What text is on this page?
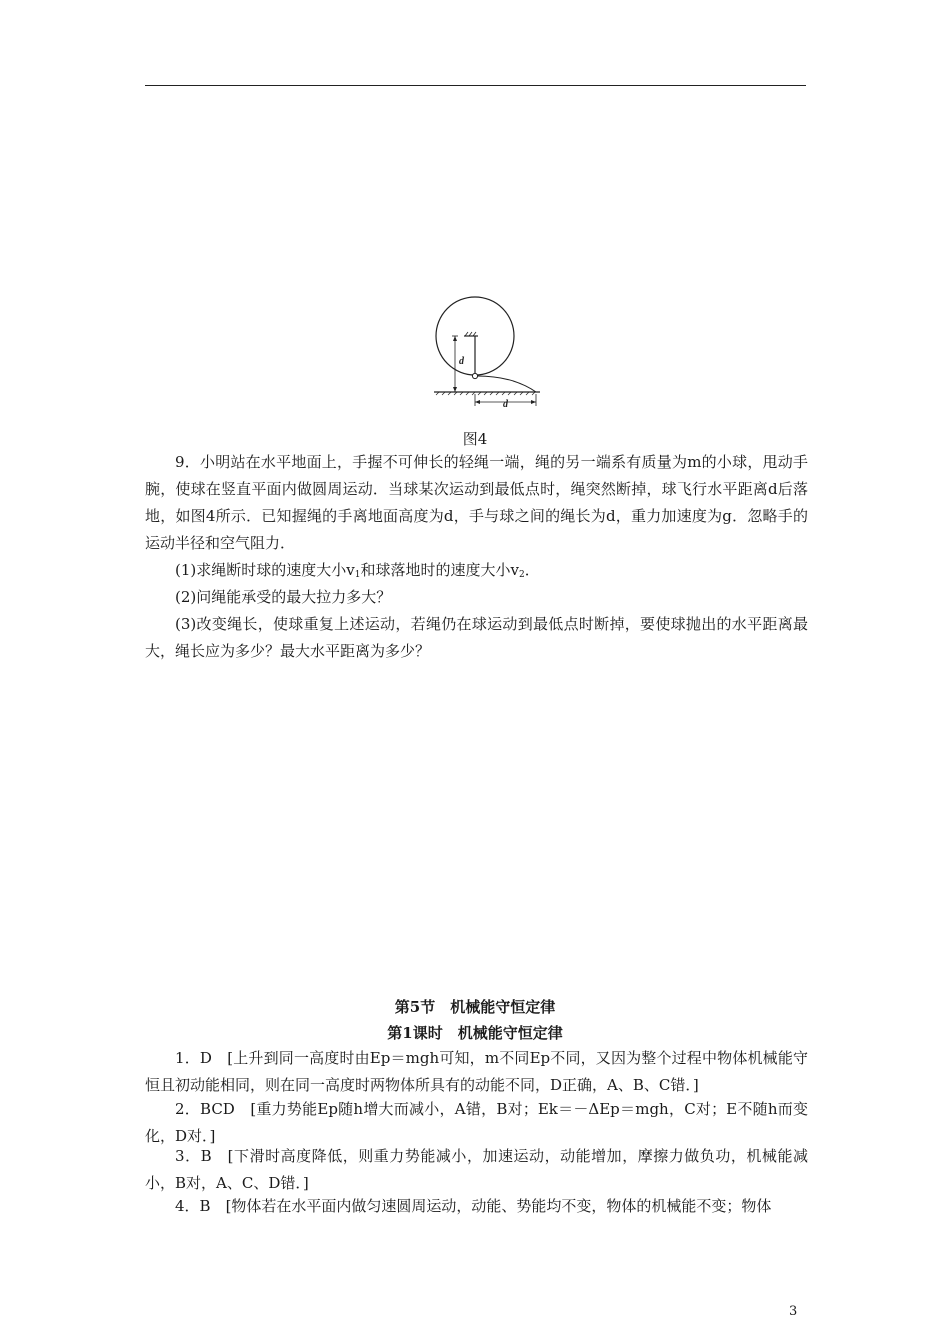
d
d
图4

9．小明站在水平地面上，手握不可伸长的轻绳一端，绳的另一端系有质量为m的小球，甩动手腕，使球在竖直平面内做圆周运动．当球某次运动到最低点时，绳突然断掉，球飞行水平距离d后落地，如图4所示．已知握绳的手离地面高度为d，手与球之间的绳长为d，重力加速度为g．忽略手的运动半径和空气阻力．

(1)求绳断时球的速度大小$v_1$和球落地时的速度大小$v_2$．

(2)问绳能承受的最大拉力多大？

(3)改变绳长，使球重复上述运动，若绳仍在球运动到最低点时断掉，要使球抛出的水平距离最大，绳长应为多少？最大水平距离为多少？

第5节　机械能守恒定律
第1课时　机械能守恒定律

1．D　[上升到同一高度时由Ep＝mgh可知，m不同Ep不同，又因为整个过程中物体机械能守恒且初动能相同，则在同一高度时两物体所具有的动能不同，D正确，A、B、C错．]

2．BCD　[重力势能Ep随h增大而减小，A错，B对；Ek＝－ΔEp＝mgh，C对；E不随h而变化，D对．]

3．B　[下滑时高度降低，则重力势能减小，加速运动，动能增加，摩擦力做负功，机械能减小，B对，A、C、D错．]

4．B　[物体若在水平面内做匀速圆周运动，动能、势能均不变，物体的机械能不变；物体

3
